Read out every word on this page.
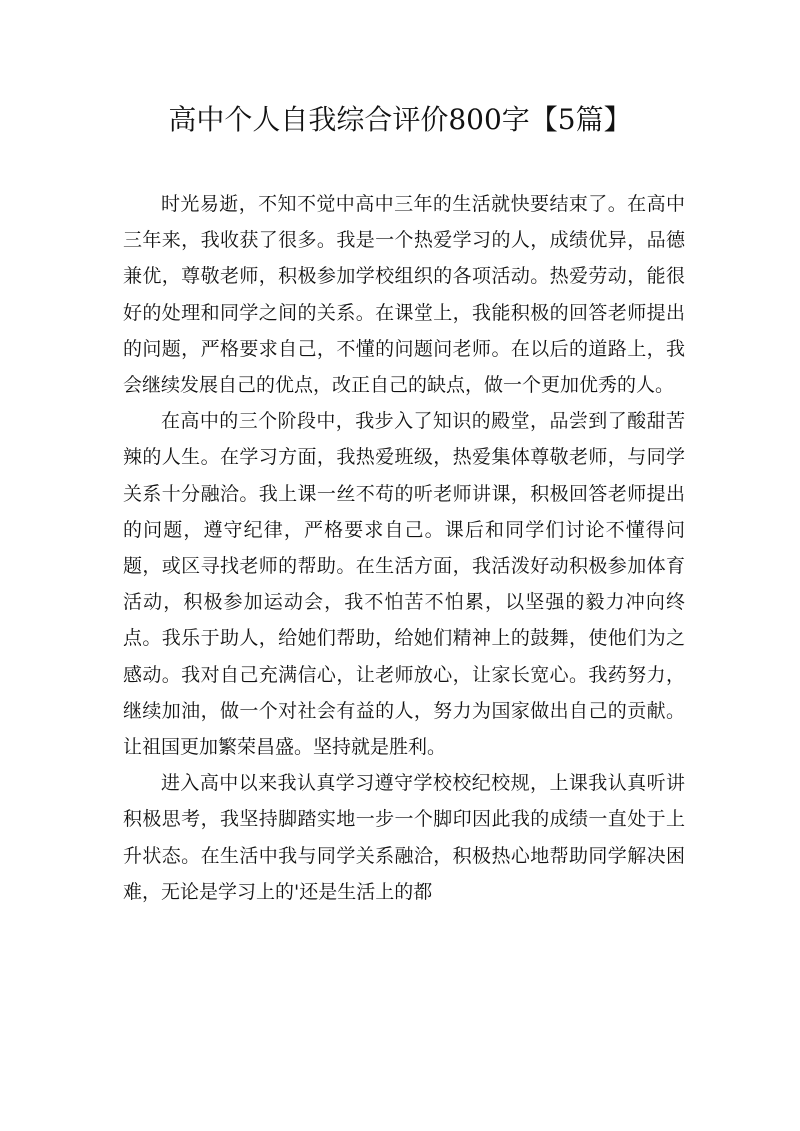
高中个人自我综合评价800字【5篇】

时光易逝，不知不觉中高中三年的生活就快要结束了。在高中三年来，我收获了很多。我是一个热爱学习的人，成绩优异，品德兼优，尊敬老师，积极参加学校组织的各项活动。热爱劳动，能很好的处理和同学之间的关系。在课堂上，我能积极的回答老师提出的问题，严格要求自己，不懂的问题问老师。在以后的道路上，我会继续发展自己的优点，改正自己的缺点，做一个更加优秀的人。

在高中的三个阶段中，我步入了知识的殿堂，品尝到了酸甜苦辣的人生。在学习方面，我热爱班级，热爱集体尊敬老师，与同学关系十分融洽。我上课一丝不苟的听老师讲课，积极回答老师提出的问题，遵守纪律，严格要求自己。课后和同学们讨论不懂得问题，或区寻找老师的帮助。在生活方面，我活泼好动积极参加体育活动，积极参加运动会，我不怕苦不怕累，以坚强的毅力冲向终点。我乐于助人，给她们帮助，给她们精神上的鼓舞，使他们为之感动。我对自己充满信心，让老师放心，让家长宽心。我药努力，继续加油，做一个对社会有益的人，努力为国家做出自己的贡献。让祖国更加繁荣昌盛。坚持就是胜利。

进入高中以来我认真学习遵守学校校纪校规，上课我认真听讲积极思考，我坚持脚踏实地一步一个脚印因此我的成绩一直处于上升状态。在生活中我与同学关系融洽，积极热心地帮助同学解决困难，无论是学习上的'还是生活上的都
